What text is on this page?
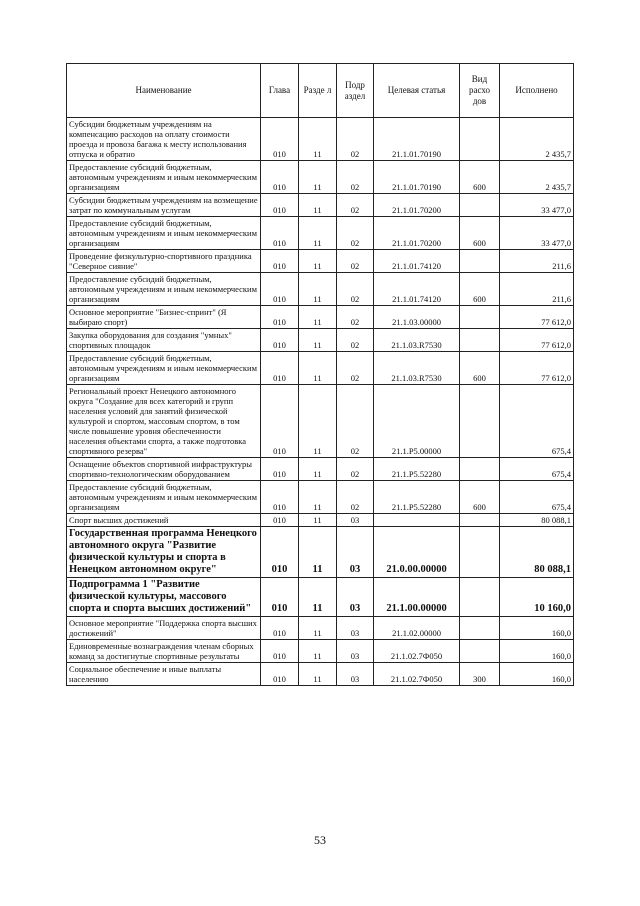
Наименование	Глава	Разде л	Подр аздел	Целевая статья	Вид расхо дов	Исполнено
Субсидии бюджетным учреждениям на компенсацию расходов на оплату стоимости проезда и провоза багажа к месту использования отпуска и обратно	010	11	02	21.1.01.70190		2 435,7
Предоставление субсидий бюджетным, автономным учреждениям и иным некоммерческим организациям	010	11	02	21.1.01.70190	600	2 435,7
Субсидии бюджетным учреждениям на возмещение затрат по коммунальным услугам	010	11	02	21.1.01.70200		33 477,0
Предоставление субсидий бюджетным, автономным учреждениям и иным некоммерческим организациям	010	11	02	21.1.01.70200	600	33 477,0
Проведение физкультурно-спортивного праздника "Северное сияние"	010	11	02	21.1.01.74120		211,6
Предоставление субсидий бюджетным, автономным учреждениям и иным некоммерческим организациям	010	11	02	21.1.01.74120	600	211,6
Основное мероприятие "Бизнес-спринт" (Я выбираю спорт)	010	11	02	21.1.03.00000		77 612,0
Закупка оборудования для создания "умных" спортивных площадок	010	11	02	21.1.03.R7530		77 612,0
Предоставление субсидий бюджетным, автономным учреждениям и иным некоммерческим организациям	010	11	02	21.1.03.R7530	600	77 612,0
Региональный проект Ненецкого автономного округа "Создание для всех категорий и групп населения условий для занятий физической культурой и спортом, массовым спортом, в том числе повышение уровня обеспеченности населения объектами спорта, а также подготовка спортивного резерва"	010	11	02	21.1.P5.00000		675,4
Оснащение объектов спортивной инфраструктуры спортивно-технологическим оборудованием	010	11	02	21.1.P5.52280		675,4
Предоставление субсидий бюджетным, автономным учреждениям и иным некоммерческим организациям	010	11	02	21.1.P5.52280	600	675,4
Спорт высших достижений	010	11	03			80 088,1
Государственная программа Ненецкого автономного округа "Развитие физической культуры и спорта в Ненецком автономном округе"	010	11	03	21.0.00.00000		80 088,1
Подпрограмма 1 "Развитие физической культуры, массового спорта и спорта высших достижений"	010	11	03	21.1.00.00000		10 160,0
Основное мероприятие "Поддержка спорта высших достижений"	010	11	03	21.1.02.00000		160,0
Единовременные вознаграждения членам сборных команд за достигнутые спортивные результаты	010	11	03	21.1.02.7Ф050		160,0
Социальное обеспечение и иные выплаты населению	010	11	03	21.1.02.7Ф050	300	160,0
53
